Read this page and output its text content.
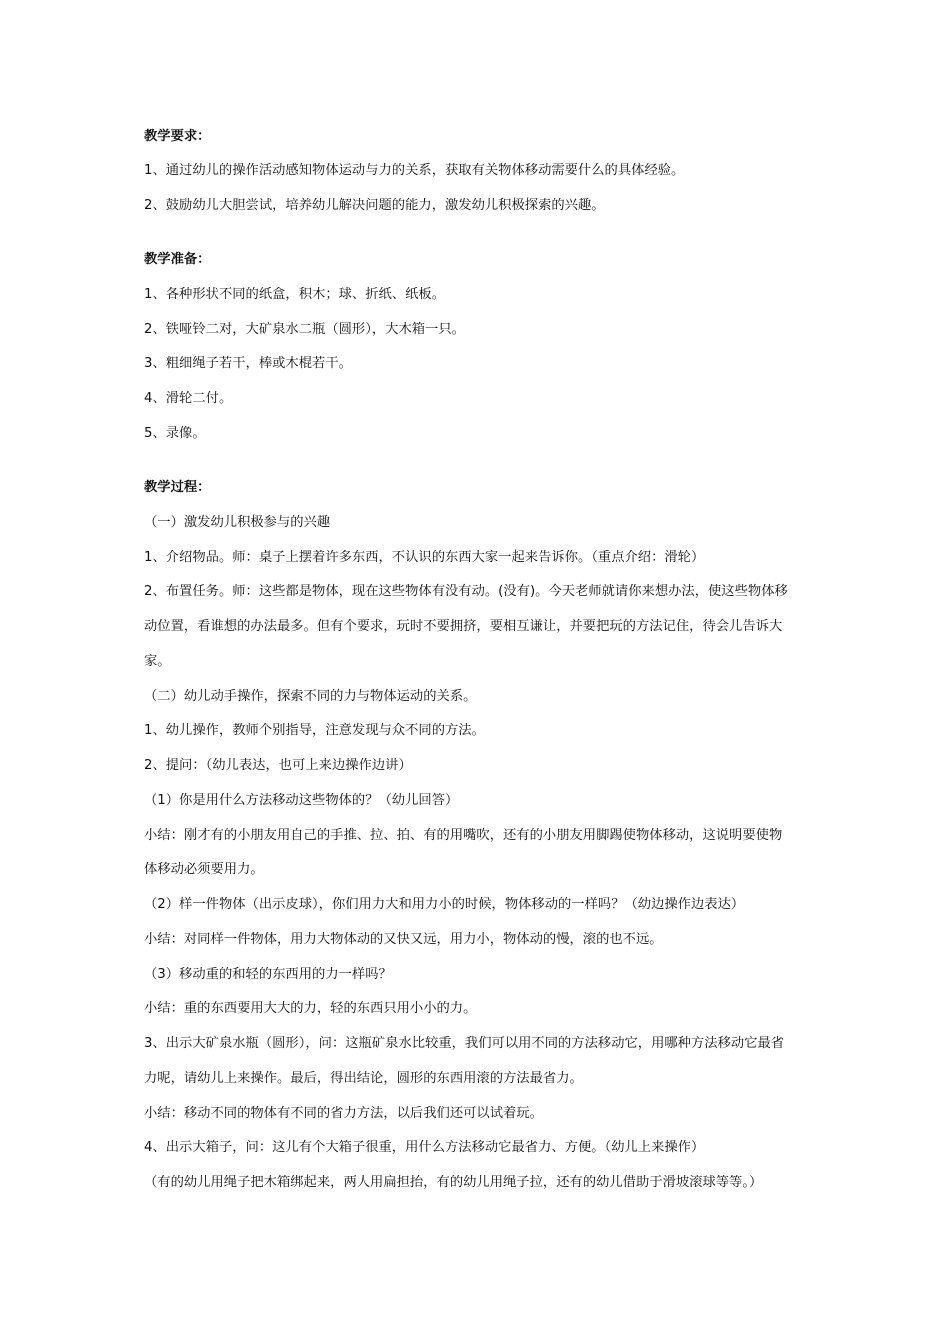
教学要求：
1、通过幼儿的操作活动感知物体运动与力的关系，获取有关物体移动需要什么的具体经验。
2、鼓励幼儿大胆尝试，培养幼儿解决问题的能力，激发幼儿积极探索的兴趣。
教学准备：
1、各种形状不同的纸盒，积木；球、折纸、纸板。
2、铁哑铃二对，大矿泉水二瓶（圆形），大木箱一只。
3、粗细绳子若干，棒或木棍若干。
4、滑轮二付。
5、录像。
教学过程：
（一）激发幼儿积极参与的兴趣
1、介绍物品。师：桌子上摆着许多东西，不认识的东西大家一起来告诉你。（重点介绍：滑轮）
2、布置任务。师：这些都是物体，现在这些物体有没有动。(没有)。今天老师就请你来想办法，使这些物体移
动位置，看谁想的办法最多。但有个要求，玩时不要拥挤，要相互谦让，并要把玩的方法记住，待会儿告诉大
家。
（二）幼儿动手操作，探索不同的力与物体运动的关系。
1、幼儿操作，教师个别指导，注意发现与众不同的方法。
2、提问：（幼儿表达，也可上来边操作边讲）
（1）你是用什么方法移动这些物体的？（幼儿回答）
小结：刚才有的小朋友用自己的手推、拉、拍、有的用嘴吹，还有的小朋友用脚踢使物体移动，这说明要使物
体移动必须要用力。
（2）样一件物体（出示皮球），你们用力大和用力小的时候，物体移动的一样吗？（幼边操作边表达）
小结：对同样一件物体，用力大物体动的又快又远，用力小，物体动的慢，滚的也不远。
（3）移动重的和轻的东西用的力一样吗？
小结：重的东西要用大大的力，轻的东西只用小小的力。
3、出示大矿泉水瓶（圆形），问：这瓶矿泉水比较重，我们可以用不同的方法移动它，用哪种方法移动它最省
力呢，请幼儿上来操作。最后，得出结论，圆形的东西用滚的方法最省力。
小结：移动不同的物体有不同的省力方法，以后我们还可以试着玩。
4、出示大箱子，问：这儿有个大箱子很重，用什么方法移动它最省力、方便。（幼儿上来操作）
（有的幼儿用绳子把木箱绑起来，两人用扁担抬，有的幼儿用绳子拉，还有的幼儿借助于滑坡滚球等等。）
